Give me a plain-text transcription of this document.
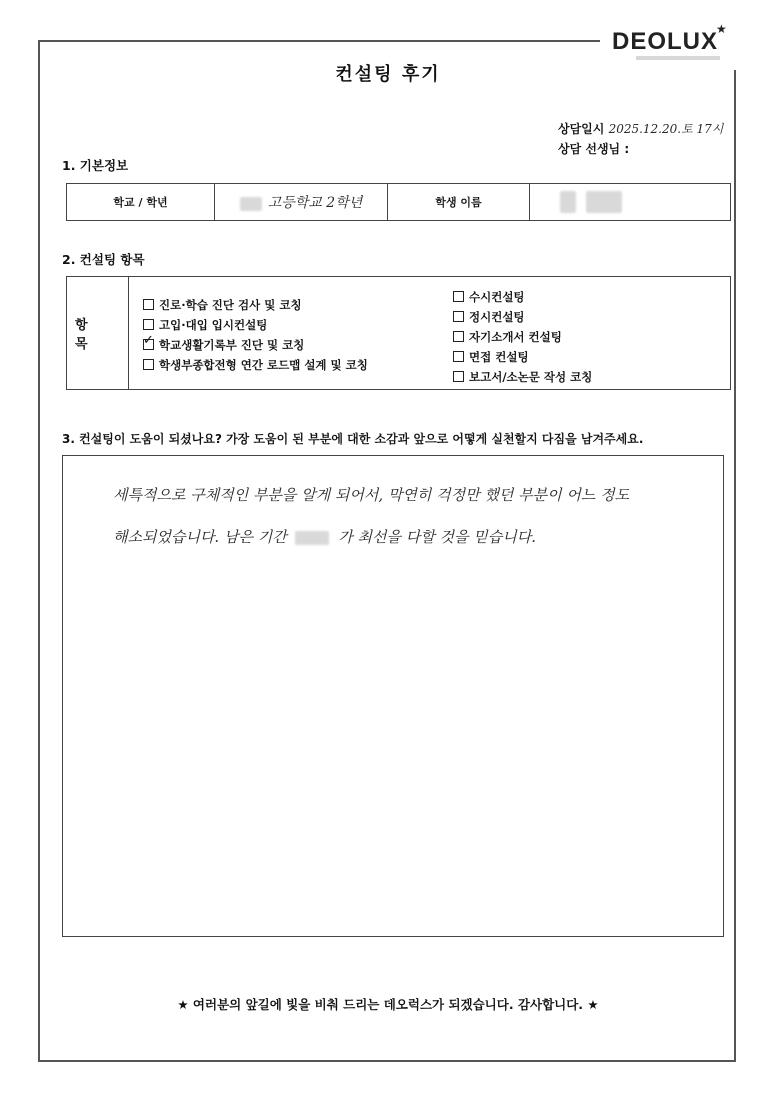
DEOLUX
★
컨설팅 후기
상담일시 2025.12.20.토 17시
상담 선생님 :
1. 기본정보
학교 / 학년	고등학교 2학년	학생 이름	
2. 컨설팅 항목
항 목
진로·학습 진단 검사 및 코칭
고입·대입 입시컨설팅
✓ 학교생활기록부 진단 및 코칭
학생부종합전형 연간 로드맵 설계 및 코칭
수시컨설팅
정시컨설팅
자기소개서 컨설팅
면접 컨설팅
보고서/소논문 작성 코칭
3. 컨설팅이 도움이 되셨나요? 가장 도움이 된 부분에 대한 소감과 앞으로 어떻게 실천할지 다짐을 남겨주세요.
세특적으로 구체적인 부분을 알게 되어서, 막연히 걱정만 했던 부분이 어느 정도
해소되었습니다. 남은 기간	가 최선을 다할 것을 믿습니다.
★ 여러분의 앞길에 빛을 비춰 드리는 데오럭스가 되겠습니다. 감사합니다. ★
